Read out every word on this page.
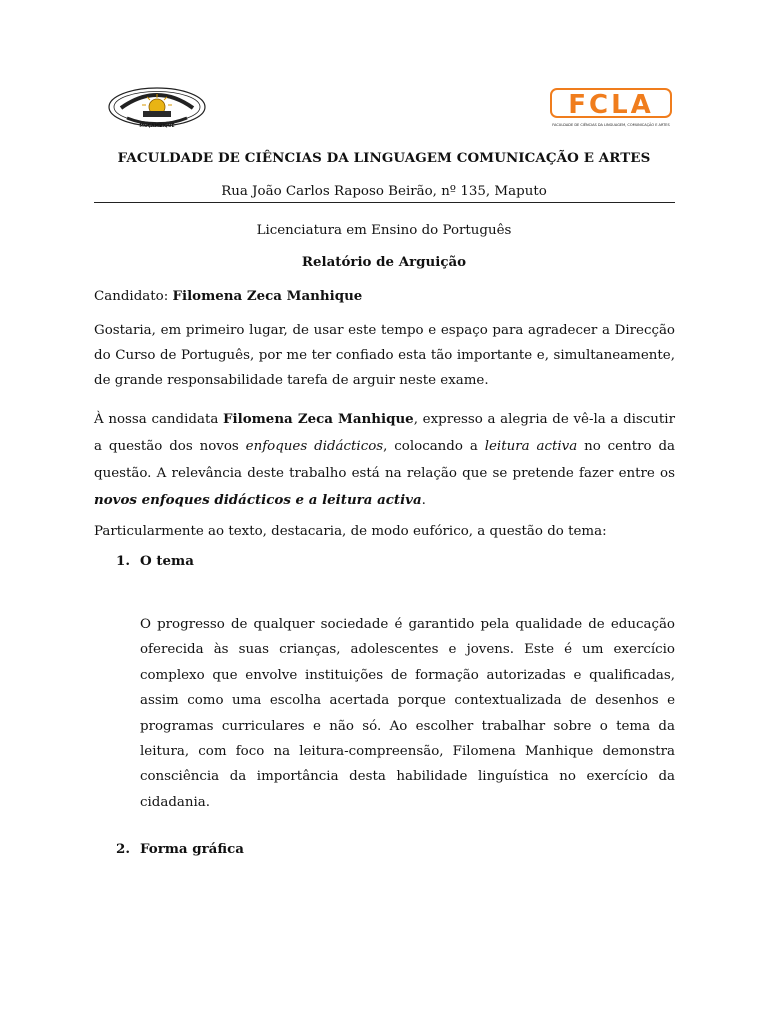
MOÇAMBIQUE
FCLA
FACULDADE DE CIÊNCIAS DA LINGUAGEM, COMUNICAÇÃO E ARTES
FACULDADE DE CIÊNCIAS DA LINGUAGEM COMUNICAÇÃO E ARTES
Rua João Carlos Raposo Beirão, nº 135, Maputo
Licenciatura em Ensino do Português
Relatório de Arguição
Candidato: Filomena Zeca Manhique

Gostaria, em primeiro lugar, de usar este tempo e espaço para agradecer a Direcção do Curso de Português, por me ter confiado esta tão importante e, simultaneamente, de grande responsabilidade tarefa de arguir neste exame.

À nossa candidata Filomena Zeca Manhique, expresso a alegria de vê-la a discutir a questão dos novos enfoques didácticos, colocando a leitura activa no centro da questão. A relevância deste trabalho está na relação que se pretende fazer entre os novos enfoques didácticos e a leitura activa.

Particularmente ao texto, destacaria, de modo eufórico, a questão do tema:

1. O tema

O progresso de qualquer sociedade é garantido pela qualidade de educação oferecida às suas crianças, adolescentes e jovens. Este é um exercício complexo que envolve instituições de formação autorizadas e qualificadas, assim como uma escolha acertada porque contextualizada de desenhos e programas curriculares e não só. Ao escolher trabalhar sobre o tema da leitura, com foco na leitura-compreensão, Filomena Manhique demonstra consciência da importância desta habilidade linguística no exercício da cidadania.

2. Forma gráfica
